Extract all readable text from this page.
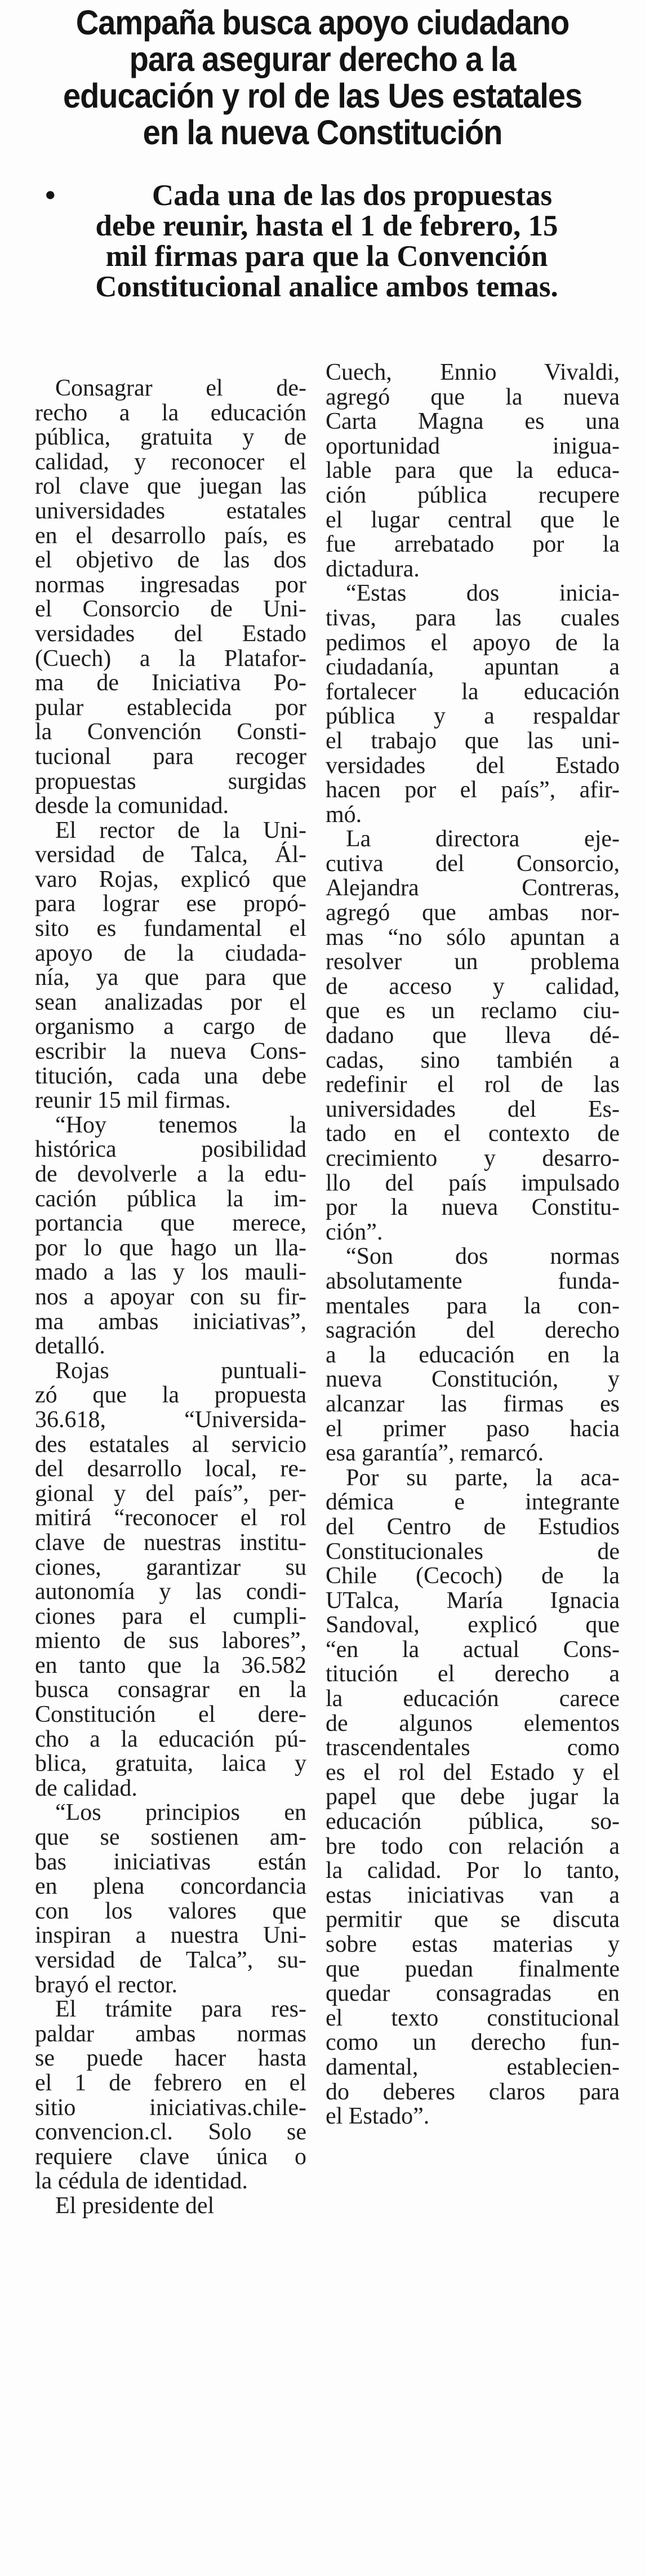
Campaña busca apoyo ciudadano
para asegurar derecho a la
educación y rol de las Ues estatales
en la nueva Constitución
•	Cada una de las dos propuestas
debe reunir, hasta el 1 de febrero, 15
mil firmas para que la Convención
Constitucional analice ambos temas.

Consagrar el de-
recho a la educación
pública, gratuita y de
calidad, y reconocer el
rol clave que juegan las
universidades estatales
en el desarrollo país, es
el objetivo de las dos
normas ingresadas por
el Consorcio de Uni-
versidades del Estado
(Cuech) a la Platafor-
ma de Iniciativa Po-
pular establecida por
la Convención Consti-
tucional para recoger
propuestas surgidas
desde la comunidad.

El rector de la Uni-
versidad de Talca, Ál-
varo Rojas, explicó que
para lograr ese propó-
sito es fundamental el
apoyo de la ciudada-
nía, ya que para que
sean analizadas por el
organismo a cargo de
escribir la nueva Cons-
titución, cada una debe
reunir 15 mil firmas.

“Hoy tenemos la
histórica posibilidad
de devolverle a la edu-
cación pública la im-
portancia que merece,
por lo que hago un lla-
mado a las y los mauli-
nos a apoyar con su fir-
ma ambas iniciativas”,
detalló.

Rojas puntuali-
zó que la propuesta
36.618, “Universida-
des estatales al servicio
del desarrollo local, re-
gional y del país”, per-
mitirá “reconocer el rol
clave de nuestras institu-
ciones, garantizar su
autonomía y las condi-
ciones para el cumpli-
miento de sus labores”,
en tanto que la 36.582
busca consagrar en la
Constitución el dere-
cho a la educación pú-
blica, gratuita, laica y
de calidad.

“Los principios en
que se sostienen am-
bas iniciativas están
en plena concordancia
con los valores que
inspiran a nuestra Uni-
versidad de Talca”, su-
brayó el rector.

El trámite para res-
paldar ambas normas
se puede hacer hasta
el 1 de febrero en el
sitio iniciativas.chile-
convencion.cl. Solo se
requiere clave única o
la cédula de identidad.

El presidente del

Cuech, Ennio Vivaldi,
agregó que la nueva
Carta Magna es una
oportunidad inigua-
lable para que la educa-
ción pública recupere
el lugar central que le
fue arrebatado por la
dictadura.

“Estas dos inicia-
tivas, para las cuales
pedimos el apoyo de la
ciudadanía, apuntan a
fortalecer la educación
pública y a respaldar
el trabajo que las uni-
versidades del Estado
hacen por el país”, afir-
mó.

La directora eje-
cutiva del Consorcio,
Alejandra Contreras,
agregó que ambas nor-
mas “no sólo apuntan a
resolver un problema
de acceso y calidad,
que es un reclamo ciu-
dadano que lleva dé-
cadas, sino también a
redefinir el rol de las
universidades del Es-
tado en el contexto de
crecimiento y desarro-
llo del país impulsado
por la nueva Constitu-
ción”.

“Son dos normas
absolutamente funda-
mentales para la con-
sagración del derecho
a la educación en la
nueva Constitución, y
alcanzar las firmas es
el primer paso hacia
esa garantía”, remarcó.

Por su parte, la aca-
démica e integrante
del Centro de Estudios
Constitucionales de
Chile (Cecoch) de la
UTalca, María Ignacia
Sandoval, explicó que
“en la actual Cons-
titución el derecho a
la educación carece
de algunos elementos
trascendentales como
es el rol del Estado y el
papel que debe jugar la
educación pública, so-
bre todo con relación a
la calidad. Por lo tanto,
estas iniciativas van a
permitir que se discuta
sobre estas materias y
que puedan finalmente
quedar consagradas en
el texto constitucional
como un derecho fun-
damental, establecien-
do deberes claros para
el Estado”.
